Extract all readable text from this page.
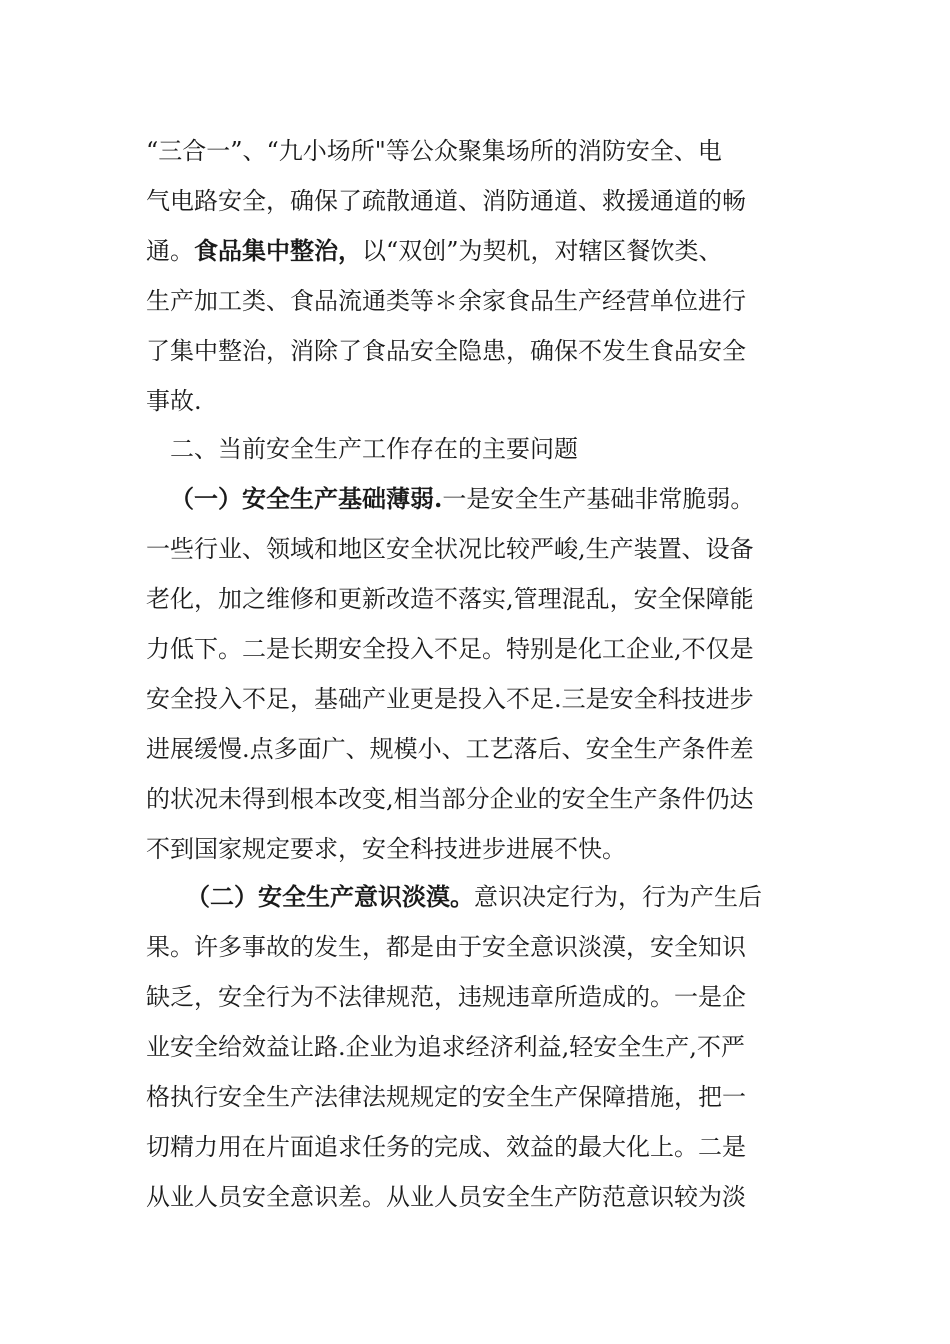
“三合一”、“九小场所"等公众聚集场所的消防安全、电
气电路安全，确保了疏散通道、消防通道、救援通道的畅
通。食品集中整治，以“双创”为契机，对辖区餐饮类、
生产加工类、食品流通类等＊余家食品生产经营单位进行
了集中整治，消除了食品安全隐患，确保不发生食品安全
事故.
二、当前安全生产工作存在的主要问题
（一）安全生产基础薄弱.一是安全生产基础非常脆弱。
一些行业、领域和地区安全状况比较严峻,生产装置、设备
老化，加之维修和更新改造不落实,管理混乱，安全保障能
力低下。二是长期安全投入不足。特别是化工企业,不仅是
安全投入不足，基础产业更是投入不足.三是安全科技进步
进展缓慢.点多面广、规模小、工艺落后、安全生产条件差
的状况未得到根本改变,相当部分企业的安全生产条件仍达
不到国家规定要求，安全科技进步进展不快。
（二）安全生产意识淡漠。意识决定行为，行为产生后
果。许多事故的发生，都是由于安全意识淡漠，安全知识
缺乏，安全行为不法律规范，违规违章所造成的。一是企
业安全给效益让路.企业为追求经济利益,轻安全生产,不严
格执行安全生产法律法规规定的安全生产保障措施，把一
切精力用在片面追求任务的完成、效益的最大化上。二是
从业人员安全意识差。从业人员安全生产防范意识较为淡
